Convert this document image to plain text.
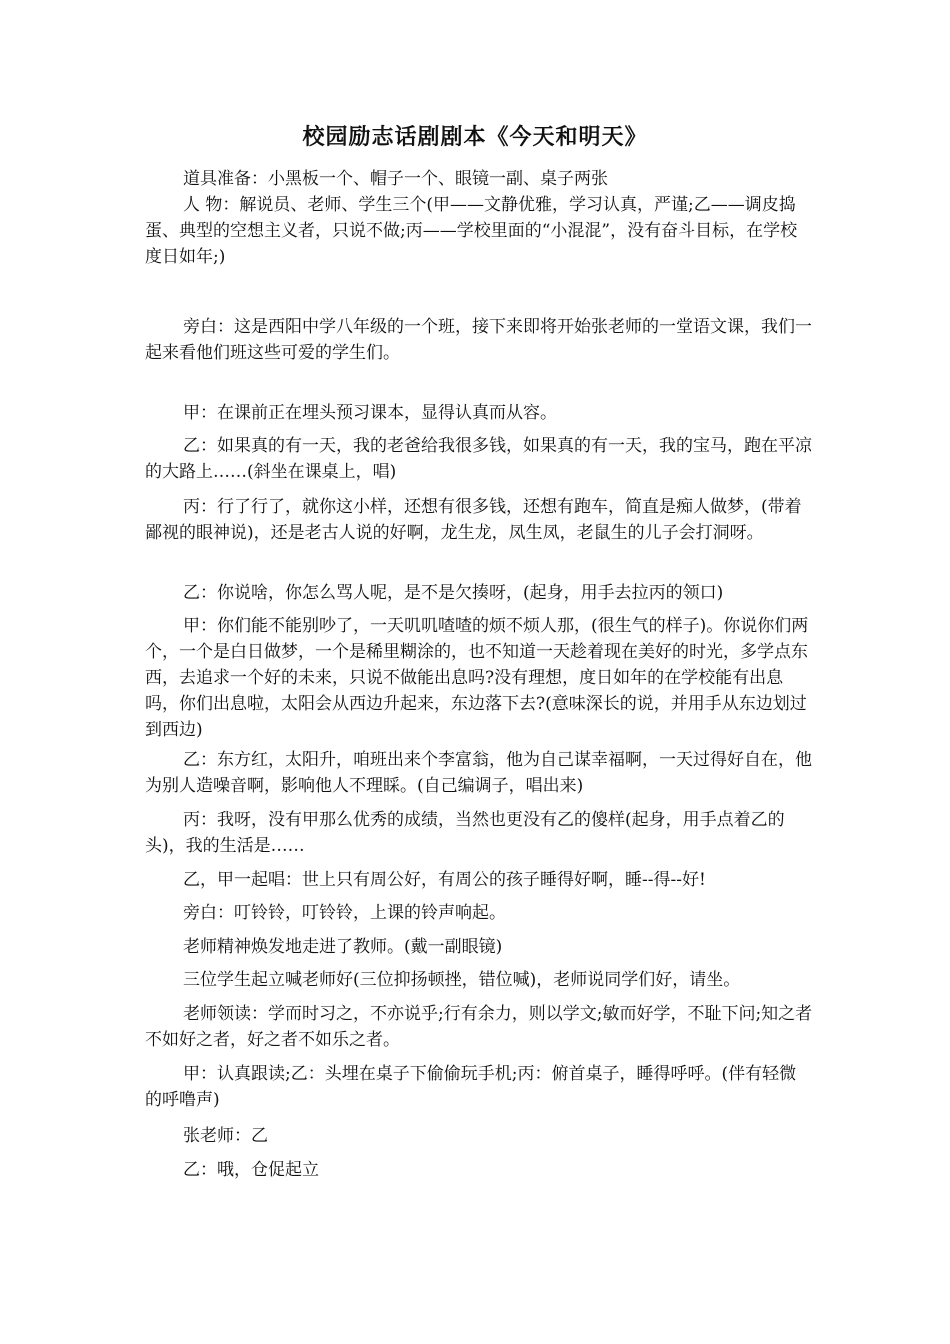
校园励志话剧剧本《今天和明天》

道具准备：小黑板一个、帽子一个、眼镜一副、桌子两张

人 物：解说员、老师、学生三个(甲——文静优雅，学习认真，严谨;乙——调皮捣蛋、典型的空想主义者，只说不做;丙——学校里面的“小混混”，没有奋斗目标，在学校度日如年;)

旁白：这是西阳中学八年级的一个班，接下来即将开始张老师的一堂语文课，我们一起来看他们班这些可爱的学生们。

甲：在课前正在埋头预习课本，显得认真而从容。

乙：如果真的有一天，我的老爸给我很多钱，如果真的有一天，我的宝马，跑在平凉的大路上……(斜坐在课桌上，唱)

丙：行了行了，就你这小样，还想有很多钱，还想有跑车，简直是痴人做梦，(带着鄙视的眼神说)，还是老古人说的好啊，龙生龙，凤生凤，老鼠生的儿子会打洞呀。

乙：你说啥，你怎么骂人呢，是不是欠揍呀，(起身，用手去拉丙的领口)

甲：你们能不能别吵了，一天叽叽喳喳的烦不烦人那，(很生气的样子)。你说你们两个，一个是白日做梦，一个是稀里糊涂的，也不知道一天趁着现在美好的时光，多学点东西，去追求一个好的未来，只说不做能出息吗?没有理想，度日如年的在学校能有出息吗，你们出息啦，太阳会从西边升起来，东边落下去?(意味深长的说，并用手从东边划过到西边)

乙：东方红，太阳升，咱班出来个李富翁，他为自己谋幸福啊，一天过得好自在，他为别人造噪音啊，影响他人不理睬。(自己编调子，唱出来)

丙：我呀，没有甲那么优秀的成绩，当然也更没有乙的傻样(起身，用手点着乙的头)，我的生活是……

乙，甲一起唱：世上只有周公好，有周公的孩子睡得好啊，睡--得--好!

旁白：叮铃铃，叮铃铃，上课的铃声响起。

老师精神焕发地走进了教师。(戴一副眼镜)

三位学生起立喊老师好(三位抑扬顿挫，错位喊)，老师说同学们好，请坐。

老师领读：学而时习之，不亦说乎;行有余力，则以学文;敏而好学，不耻下问;知之者不如好之者，好之者不如乐之者。

甲：认真跟读;乙：头埋在桌子下偷偷玩手机;丙：俯首桌子，睡得呼呼。(伴有轻微的呼噜声)

张老师：乙

乙：哦，仓促起立
